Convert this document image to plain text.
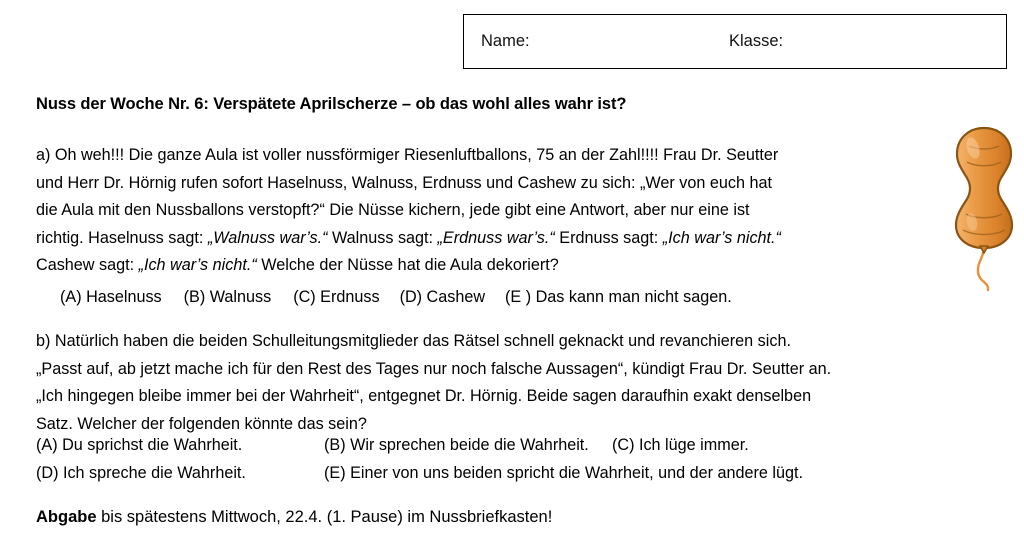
Name:	Klasse:
Nuss der Woche Nr. 6: Verspätete Aprilscherze – ob das wohl alles wahr ist?
a) Oh weh!!! Die ganze Aula ist voller nussförmiger Riesenluftballons, 75 an der Zahl!!!! Frau Dr. Seutter
und Herr Dr. Hörnig rufen sofort Haselnuss, Walnuss, Erdnuss und Cashew zu sich: „Wer von euch hat
die Aula mit den Nussballons verstopft?“ Die Nüsse kichern, jede gibt eine Antwort, aber nur eine ist
richtig. Haselnuss sagt: „Walnuss war’s.“ Walnuss sagt: „Erdnuss war’s.“ Erdnuss sagt: „Ich war’s nicht.“
Cashew sagt: „Ich war’s nicht.“ Welche der Nüsse hat die Aula dekoriert?
(A) Haselnuss (B) Walnuss (C) Erdnuss (D) Cashew (E ) Das kann man nicht sagen.
b) Natürlich haben die beiden Schulleitungsmitglieder das Rätsel schnell geknackt und revanchieren sich.
„Passt auf, ab jetzt mache ich für den Rest des Tages nur noch falsche Aussagen“, kündigt Frau Dr. Seutter an.
„Ich hingegen bleibe immer bei der Wahrheit“, entgegnet Dr. Hörnig. Beide sagen daraufhin exakt denselben
Satz. Welcher der folgenden könnte das sein?
(A) Du sprichst die Wahrheit.	(B) Wir sprechen beide die Wahrheit. (C) Ich lüge immer.
(D) Ich spreche die Wahrheit.	(E) Einer von uns beiden spricht die Wahrheit, und der andere lügt.
Abgabe bis spätestens Mittwoch, 22.4. (1. Pause) im Nussbriefkasten!
